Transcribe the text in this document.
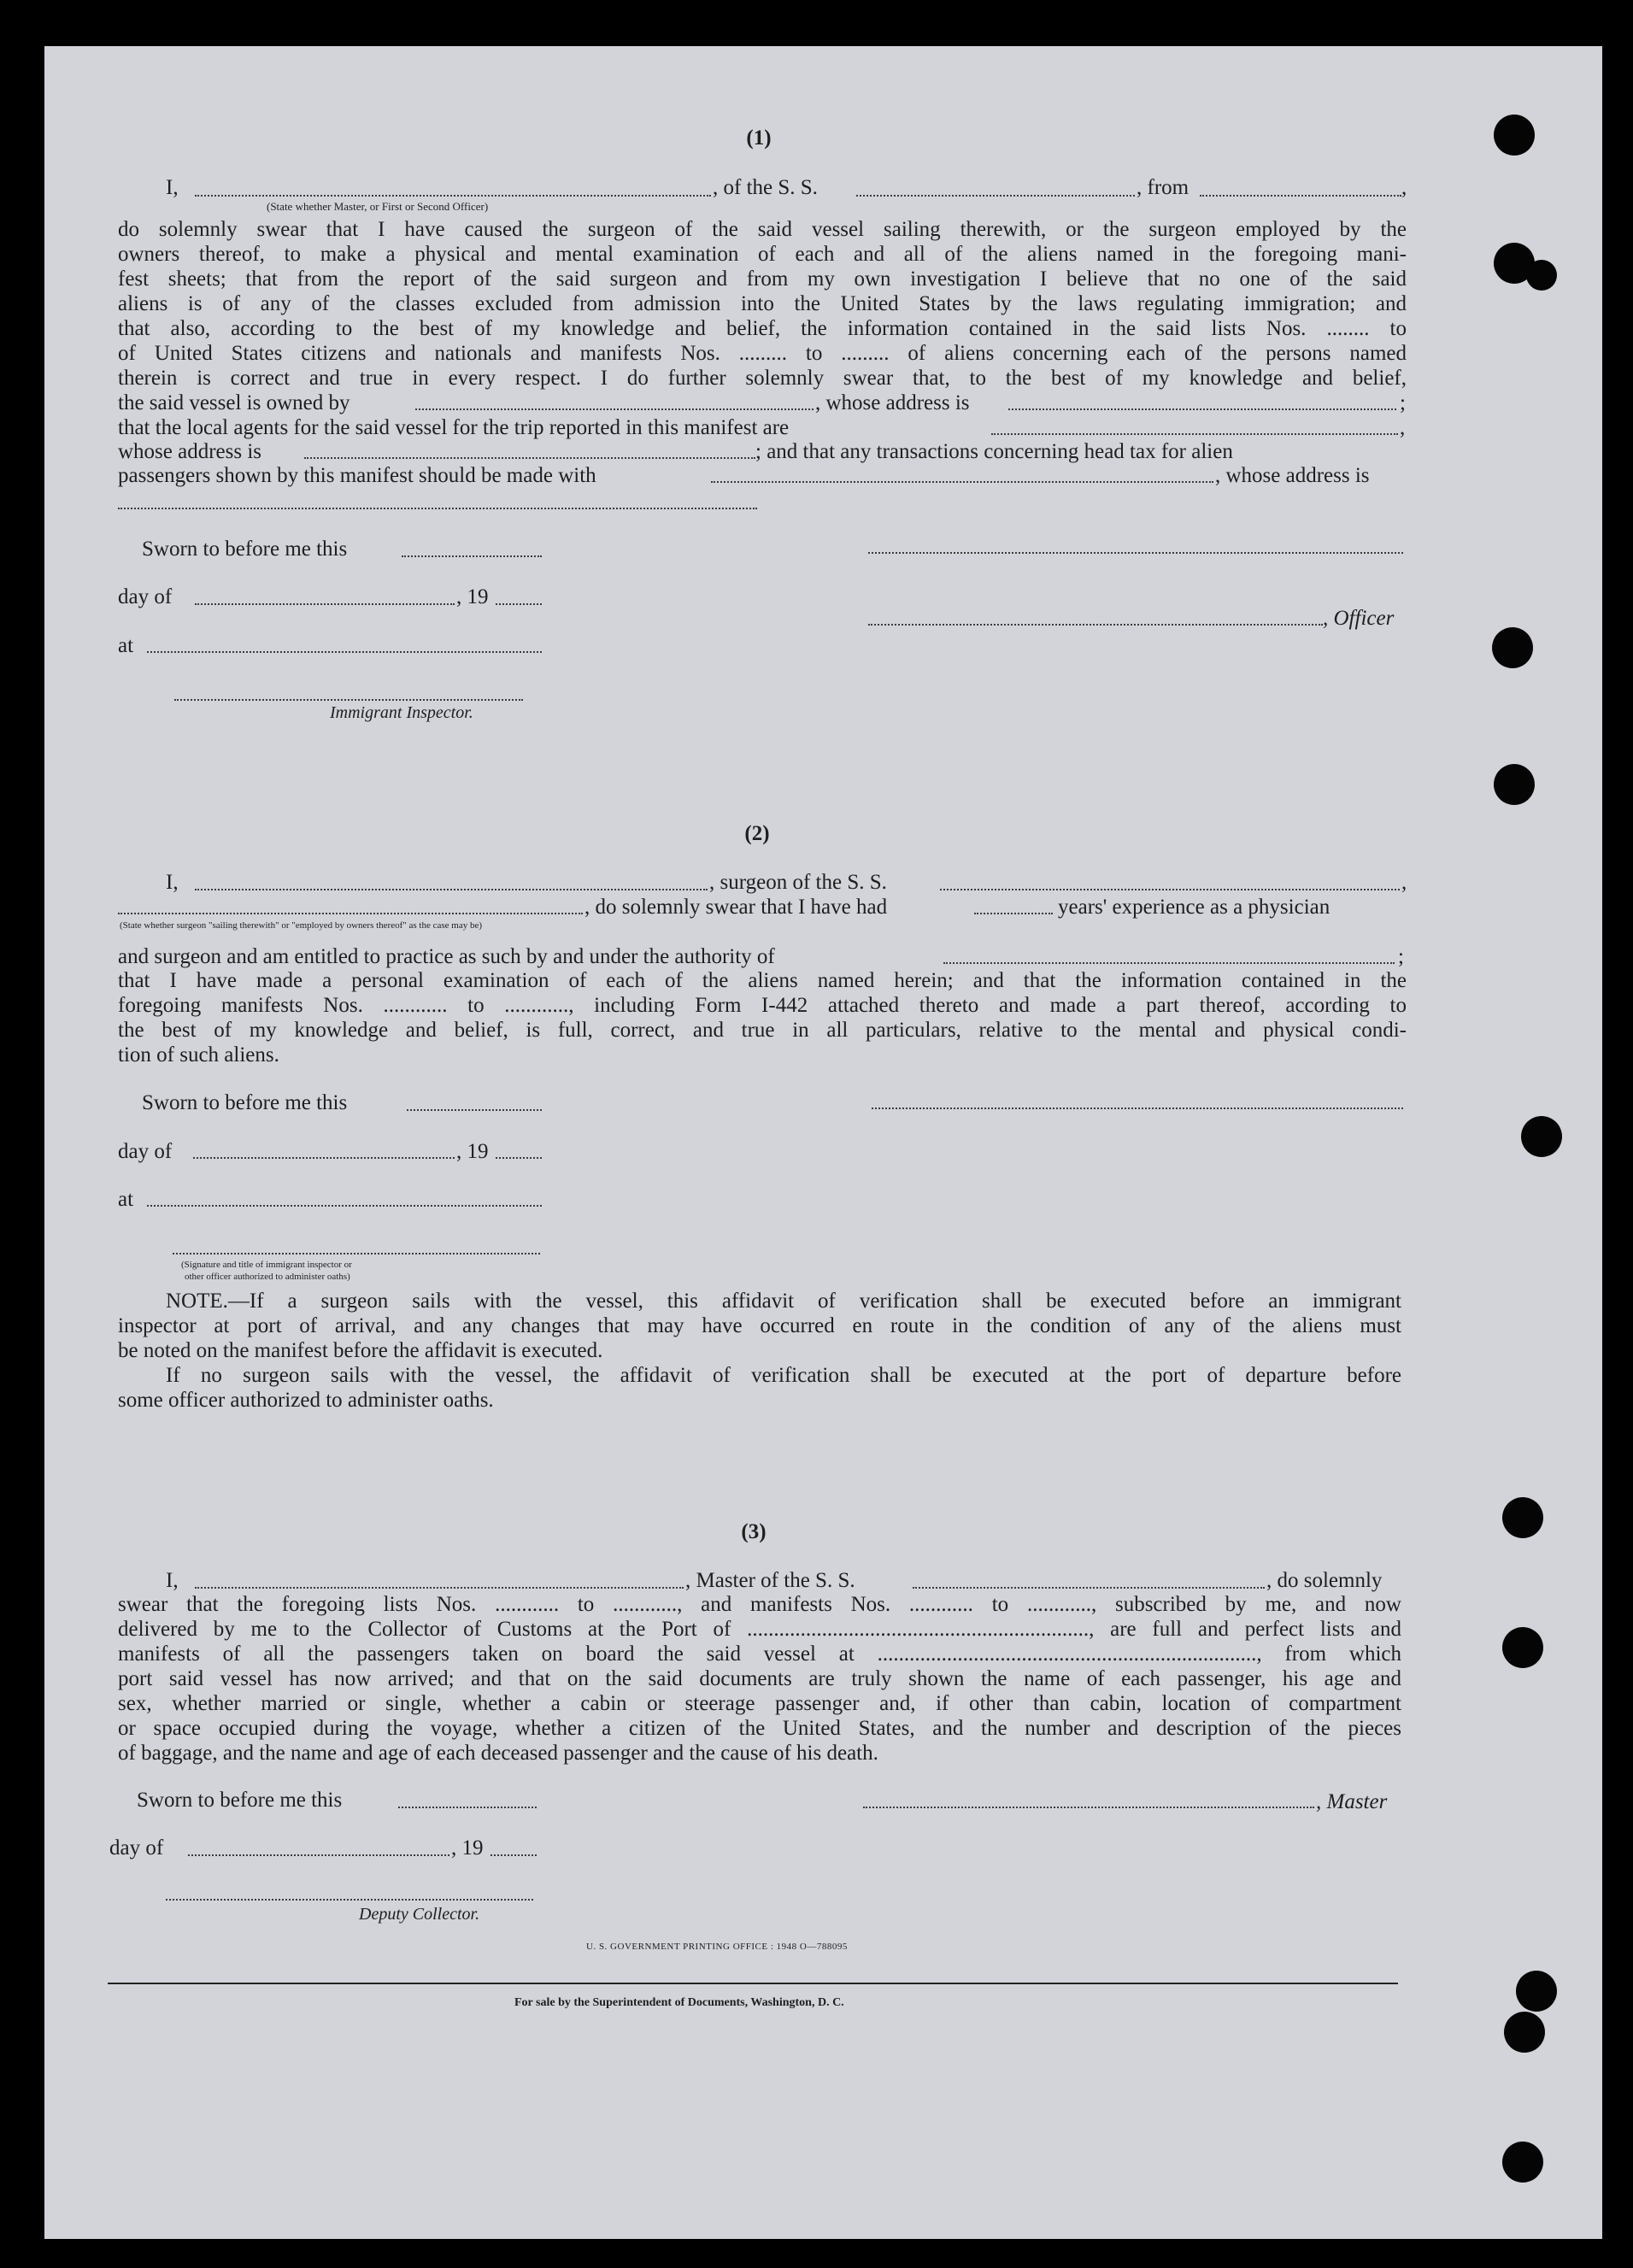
(1)
I,	, of the S. S.	, from	,
(State whether Master, or First or Second Officer)
do solemnly swear that I have caused the surgeon of the said vessel sailing therewith, or the surgeon employed by the
owners thereof, to make a physical and mental examination of each and all of the aliens named in the foregoing mani-
fest sheets; that from the report of the said surgeon and from my own investigation I believe that no one of the said
aliens is of any of the classes excluded from admission into the United States by the laws regulating immigration; and
that also, according to the best of my knowledge and belief, the information contained in the said lists Nos. ........ to
of United States citizens and nationals and manifests Nos. ......... to ......... of aliens concerning each of the persons named
therein is correct and true in every respect. I do further solemnly swear that, to the best of my knowledge and belief,
the said vessel is owned by	, whose address is	;
that the local agents for the said vessel for the trip reported in this manifest are	,
whose address is	; and that any transactions concerning head tax for alien
passengers shown by this manifest should be made with	, whose address is
Sworn to before me this
day of	, 19
, Officer
at
Immigrant Inspector.
(2)
I,	, surgeon of the S. S.	,
, do solemnly swear that I have had	years' experience as a physician
(State whether surgeon "sailing therewith" or "employed by owners thereof" as the case may be)
and surgeon and am entitled to practice as such by and under the authority of	;
that I have made a personal examination of each of the aliens named herein; and that the information contained in the
foregoing manifests Nos. ............ to ............, including Form I-442 attached thereto and made a part thereof, according to
the best of my knowledge and belief, is full, correct, and true in all particulars, relative to the mental and physical condi-
tion of such aliens.
Sworn to before me this
day of	, 19
at
(Signature and title of immigrant inspector or
other officer authorized to administer oaths)
NOTE.—If a surgeon sails with the vessel, this affidavit of verification shall be executed before an immigrant
inspector at port of arrival, and any changes that may have occurred en route in the condition of any of the aliens must
be noted on the manifest before the affidavit is executed.
If no surgeon sails with the vessel, the affidavit of verification shall be executed at the port of departure before
some officer authorized to administer oaths.
(3)
I,	, Master of the S. S.	, do solemnly
swear that the foregoing lists Nos. ............ to ............, and manifests Nos. ............ to ............, subscribed by me, and now
delivered by me to the Collector of Customs at the Port of ................................................................, are full and perfect lists and
manifests of all the passengers taken on board the said vessel at ......................................................................., from which
port said vessel has now arrived; and that on the said documents are truly shown the name of each passenger, his age and
sex, whether married or single, whether a cabin or steerage passenger and, if other than cabin, location of compartment
or space occupied during the voyage, whether a citizen of the United States, and the number and description of the pieces
of baggage, and the name and age of each deceased passenger and the cause of his death.
Sworn to before me this	, Master
day of	, 19
Deputy Collector.
U. S. GOVERNMENT PRINTING OFFICE : 1948 O—788095
For sale by the Superintendent of Documents, Washington, D. C.
